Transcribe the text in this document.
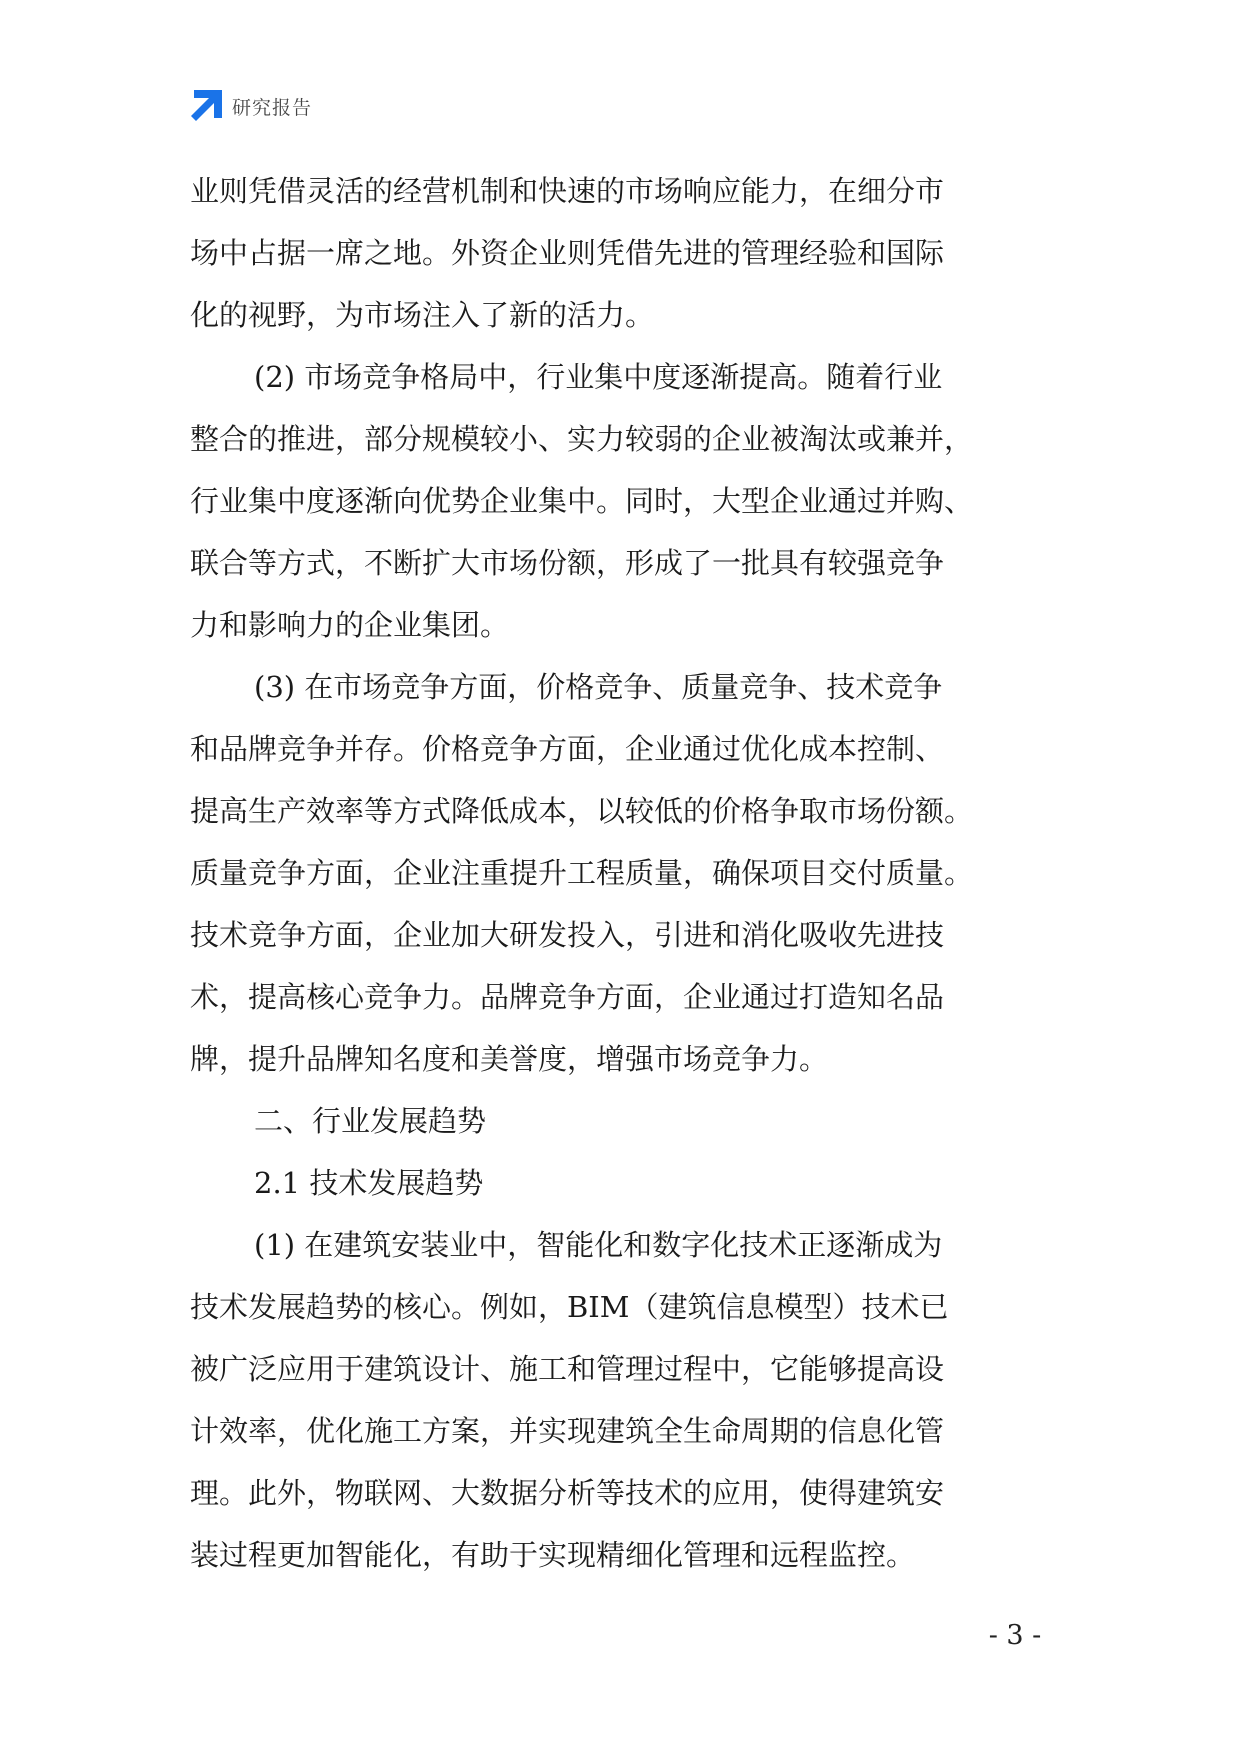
研究报告
业则凭借灵活的经营机制和快速的市场响应能力，在细分市
场中占据一席之地。外资企业则凭借先进的管理经验和国际
化的视野，为市场注入了新的活力。
(2) 市场竞争格局中，行业集中度逐渐提高。随着行业
整合的推进，部分规模较小、实力较弱的企业被淘汰或兼并，
行业集中度逐渐向优势企业集中。同时，大型企业通过并购、
联合等方式，不断扩大市场份额，形成了一批具有较强竞争
力和影响力的企业集团。
(3) 在市场竞争方面，价格竞争、质量竞争、技术竞争
和品牌竞争并存。价格竞争方面，企业通过优化成本控制、
提高生产效率等方式降低成本，以较低的价格争取市场份额。
质量竞争方面，企业注重提升工程质量，确保项目交付质量。
技术竞争方面，企业加大研发投入，引进和消化吸收先进技
术，提高核心竞争力。品牌竞争方面，企业通过打造知名品
牌，提升品牌知名度和美誉度，增强市场竞争力。
二、行业发展趋势
2.1 技术发展趋势
(1) 在建筑安装业中，智能化和数字化技术正逐渐成为
技术发展趋势的核心。例如，BIM（建筑信息模型）技术已
被广泛应用于建筑设计、施工和管理过程中，它能够提高设
计效率，优化施工方案，并实现建筑全生命周期的信息化管
理。此外，物联网、大数据分析等技术的应用，使得建筑安
装过程更加智能化，有助于实现精细化管理和远程监控。
- 3 -
